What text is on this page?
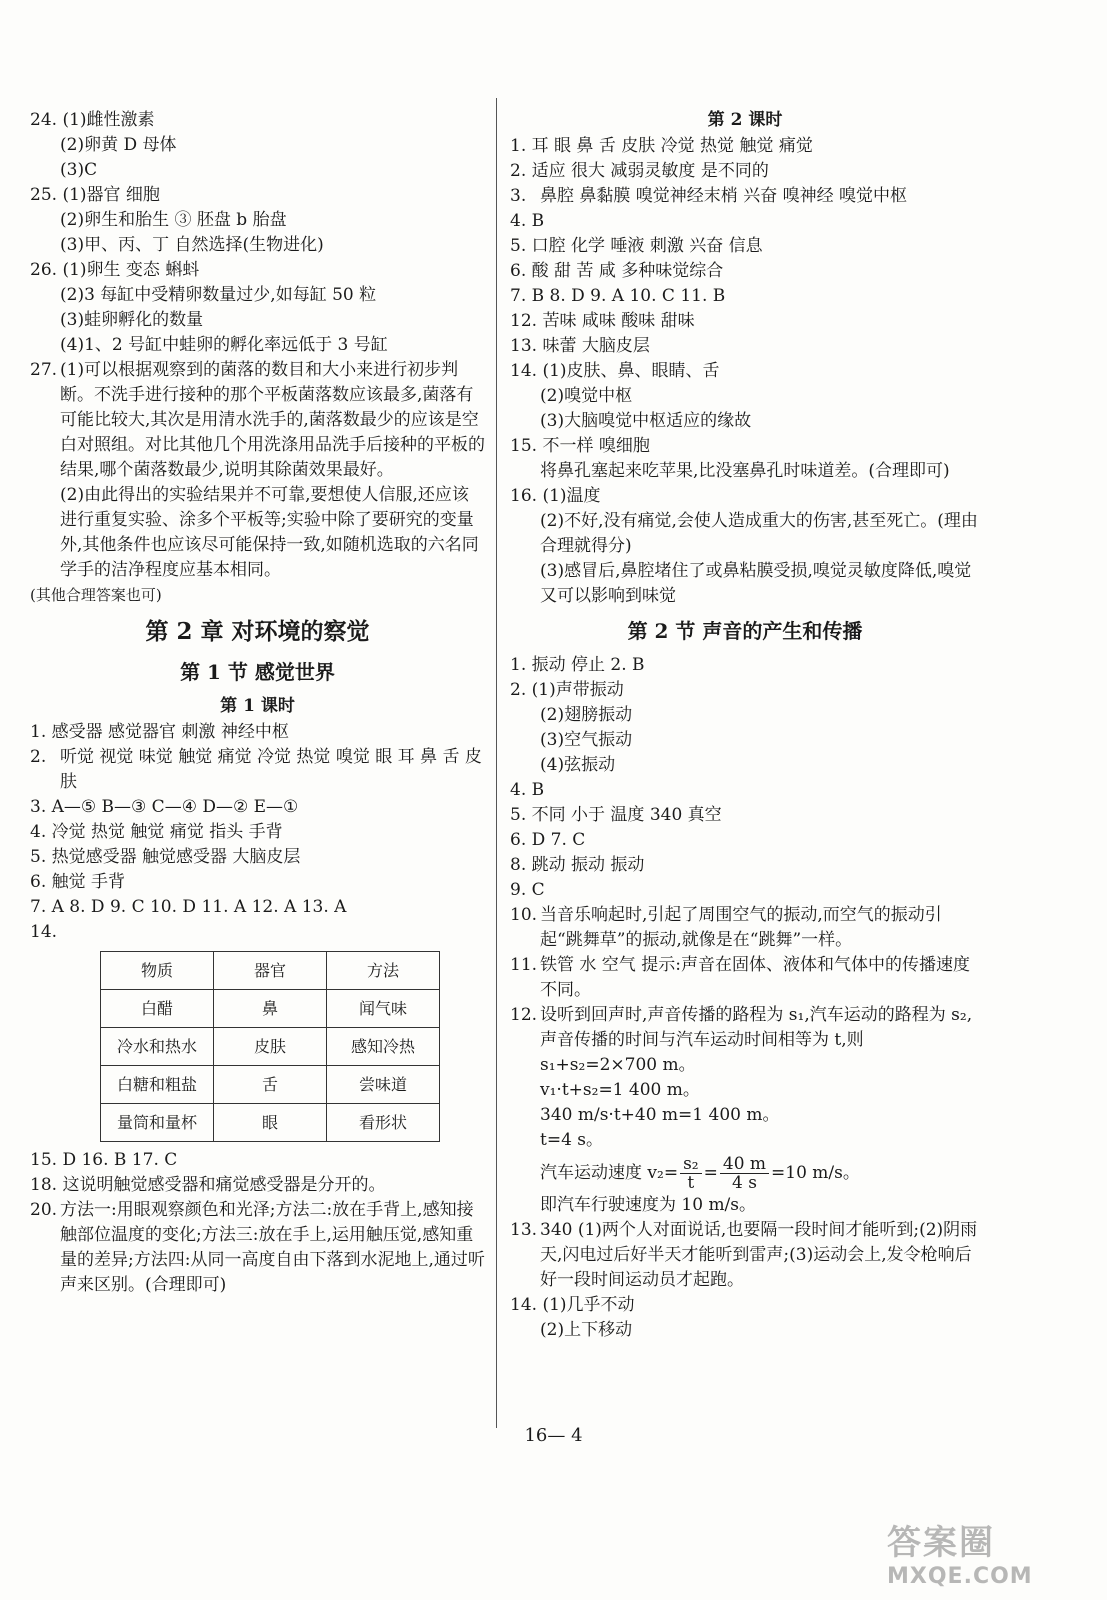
24. (1)雌性激素
(2)卵黄 D 母体
(3)C
25. (1)器官 细胞
(2)卵生和胎生 ③ 胚盘 b 胎盘
(3)甲、丙、丁 自然选择(生物进化)
26. (1)卵生 变态 蝌蚪
(2)3 每缸中受精卵数量过少,如每缸 50 粒
(3)蛙卵孵化的数量
(4)1、2 号缸中蛙卵的孵化率远低于 3 号缸
27. (1)可以根据观察到的菌落的数目和大小来进行初步判断。不洗手进行接种的那个平板菌落数应该最多,菌落有可能比较大,其次是用清水洗手的,菌落数最少的应该是空白对照组。对比其他几个用洗涤用品洗手后接种的平板的结果,哪个菌落数最少,说明其除菌效果最好。
(2)由此得出的实验结果并不可靠,要想使人信服,还应该进行重复实验、涂多个平板等;实验中除了要研究的变量外,其他条件也应该尽可能保持一致,如随机选取的六名同学手的洁净程度应基本相同。
(其他合理答案也可)
第 2 章 对环境的察觉
第 1 节 感觉世界
第 1 课时
1. 感受器 感觉器官 刺激 神经中枢
2. 听觉 视觉 味觉 触觉 痛觉 冷觉 热觉 嗅觉 眼 耳 鼻 舌 皮肤
3. A—⑤ B—③ C—④ D—② E—①
4. 冷觉 热觉 触觉 痛觉 指头 手背
5. 热觉感受器 触觉感受器 大脑皮层
6. 触觉 手背
7. A 8. D 9. C 10. D 11. A 12. A 13. A
14.
物质	器官	方法
白醋	鼻	闻气味
冷水和热水	皮肤	感知冷热
白糖和粗盐	舌	尝味道
量筒和量杯	眼	看形状
15. D 16. B 17. C
18. 这说明触觉感受器和痛觉感受器是分开的。
20. 方法一:用眼观察颜色和光泽;方法二:放在手背上,感知接触部位温度的变化;方法三:放在手上,运用触压觉,感知重量的差异;方法四:从同一高度自由下落到水泥地上,通过听声来区别。(合理即可)
第 2 课时
1. 耳 眼 鼻 舌 皮肤 冷觉 热觉 触觉 痛觉
2. 适应 很大 减弱灵敏度 是不同的
3. 鼻腔 鼻黏膜 嗅觉神经末梢 兴奋 嗅神经 嗅觉中枢
4. B
5. 口腔 化学 唾液 刺激 兴奋 信息
6. 酸 甜 苦 咸 多种味觉综合
7. B 8. D 9. A 10. C 11. B
12. 苦味 咸味 酸味 甜味
13. 味蕾 大脑皮层
14. (1)皮肤、鼻、眼睛、舌
(2)嗅觉中枢
(3)大脑嗅觉中枢适应的缘故
15. 不一样 嗅细胞
将鼻孔塞起来吃苹果,比没塞鼻孔时味道差。(合理即可)
16. (1)温度
(2)不好,没有痛觉,会使人造成重大的伤害,甚至死亡。(理由合理就得分)
(3)感冒后,鼻腔堵住了或鼻粘膜受损,嗅觉灵敏度降低,嗅觉又可以影响到味觉
第 2 节 声音的产生和传播
1. 振动 停止 2. B
2. (1)声带振动
(2)翅膀振动
(3)空气振动
(4)弦振动
4. B
5. 不同 小于 温度 340 真空
6. D 7. C
8. 跳动 振动 振动
9. C
10. 当音乐响起时,引起了周围空气的振动,而空气的振动引起“跳舞草”的振动,就像是在“跳舞”一样。
11. 铁管 水 空气 提示:声音在固体、液体和气体中的传播速度不同。
12. 设听到回声时,声音传播的路程为 s₁,汽车运动的路程为 s₂,声音传播的时间与汽车运动时间相等为 t,则
s₁+s₂=2×700 m。
v₁·t+s₂=1 400 m。
340 m/s·t+40 m=1 400 m。
t=4 s。
汽车运动速度 $v_2= \frac{\text{s₂}}{t} = \frac{40 m}{4 s} =10$ m/s。
即汽车行驶速度为 10 m/s。
13. 340 (1)两个人对面说话,也要隔一段时间才能听到;(2)阴雨天,闪电过后好半天才能听到雷声;(3)运动会上,发令枪响后好一段时间运动员才起跑。
14. (1)几乎不动
(2)上下移动
16— 4
答案圈
MXQE.COM
